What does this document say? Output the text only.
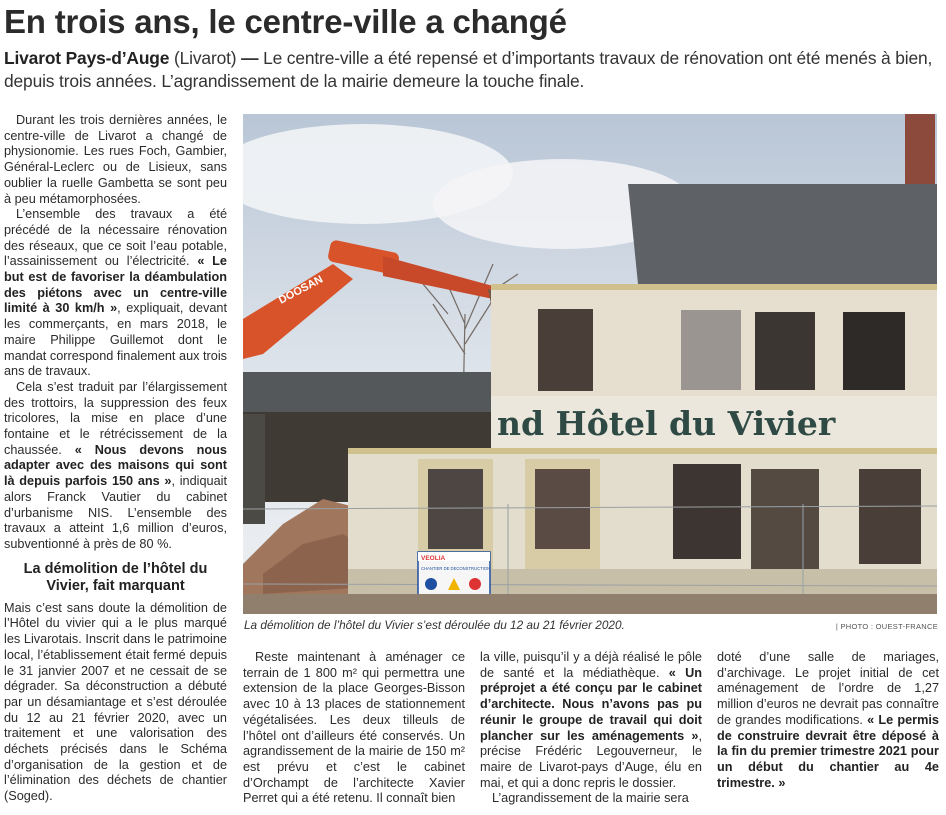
En trois ans, le centre-ville a changé

Livarot Pays-d’Auge (Livarot) — Le centre-ville a été repensé et d’importants travaux de rénovation ont été menés à bien, depuis trois années. L’agrandissement de la mairie demeure la touche finale.

Durant les trois dernières années, le centre-ville de Livarot a changé de physionomie. Les rues Foch, Gambier, Général-Leclerc ou de Lisieux, sans oublier la ruelle Gambetta se sont peu à peu métamorphosées.

L’ensemble des travaux a été précédé de la nécessaire rénovation des réseaux, que ce soit l’eau potable, l’assainissement ou l’électricité. « Le but est de favoriser la déambulation des piétons avec un centre-ville limité à 30 km/h », expliquait, devant les commerçants, en mars 2018, le maire Philippe Guillemot dont le mandat correspond finalement aux trois ans de travaux.

Cela s’est traduit par l’élargissement des trottoirs, la suppression des feux tricolores, la mise en place d’une fontaine et le rétrécissement de la chaussée. « Nous devons nous adapter avec des maisons qui sont là depuis parfois 150 ans », indiquait alors Franck Vautier du cabinet d’urbanisme NIS. L’ensemble des travaux a atteint 1,6 million d’euros, subventionné à près de 80 %.

La démolition de l’hôtel du Vivier, fait marquant

Mais c’est sans doute la démolition de l’Hôtel du vivier qui a le plus marqué les Livarotais. Inscrit dans le patrimoine local, l’établissement était fermé depuis le 31 janvier 2007 et ne cessait de se dégrader. Sa déconstruction a débuté par un désamiantage et s’est déroulée du 12 au 21 février 2020, avec un traitement et une valorisation des déchets précisés dans le Schéma d’organisation de la gestion et de l’élimination des déchets de chantier (Soged).

DOOSAN
nd Hôtel du Vivier
VEOLIA
CHANTIER DE DECONSTRUCTION
La démolition de l’hôtel du Vivier s’est déroulée du 12 au 21 février 2020.	| PHOTO : OUEST-FRANCE

Reste maintenant à aménager ce terrain de 1 800 m² qui permettra une extension de la place Georges-Bisson avec 10 à 13 places de stationnement végétalisées. Les deux tilleuls de l’hôtel ont d’ailleurs été conservés. Un agrandissement de la mairie de 150 m² est prévu et c’est le cabinet d’Orchampt de l’architecte Xavier Perret qui a été retenu. Il connaît bien

la ville, puisqu’il y a déjà réalisé le pôle de santé et la médiathèque. « Un préprojet a été conçu par le cabinet d’architecte. Nous n’avons pas pu réunir le groupe de travail qui doit plancher sur les aménagements », précise Frédéric Legouverneur, le maire de Livarot-pays d’Auge, élu en mai, et qui a donc repris le dossier.

L’agrandissement de la mairie sera

doté d’une salle de mariages, d’archivage. Le projet initial de cet aménagement de l’ordre de 1,27 million d’euros ne devrait pas connaître de grandes modifications. « Le permis de construire devrait être déposé à la fin du premier trimestre 2021 pour un début du chantier au 4e trimestre. »
